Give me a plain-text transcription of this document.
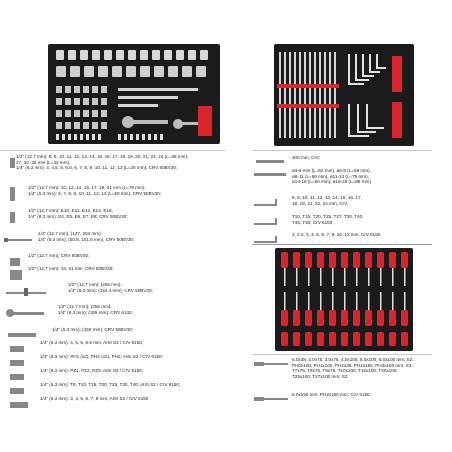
1/2" (12.7 mm): 8, 9, 10, 11, 12, 13, 14, 15, 16, 17, 18, 19, 20, 21, 22, 24 (L=38 mm);
27, 30, 32 mm (L=42 mm),
1/4" (6.3 mm): 4, 4.5, 5, 5.5, 6, 7, 8, 9, 10, 11, 12, 13 (L=25 mm); CRV 50BV30;
1/2" (12.7 mm): 10, 13, 14, 15, 17, 19, 21 mm (L=76 mm),
1/4" (6.3 mm): 6, 7, 8, 9, 10, 11, 12, 13 (L=50 mm); CRV 50BV30;
1/2" (12.7 mm): E10, E11, E12, E14, E16,
1/4" (6.3 mm): E4, E5, E6, E7, E8; CRV 50BV30;
1/2" (12.7 mm); (127, 254 mm),
1/4" (6.3 mm); (50.8, 101.6 mm); CRV 50BV30;
1/2" (12.7 mm); CRV 50BV30;
1/2" (12.7 mm): 16, 21 mm; CRV 50BV30;
1/2" (12.7 mm); (255 mm),
1/4" (6.3 mm); (152.4 mm); CRV 50BV30;
1/2" (12.7 mm); (255 mm),
1/4" (6.3 mm); (155 mm); CRV 6140;
1/4" (6.3 mm); (150 mm); CRV 50BV30;
1/4" (6.3 mm): 4, 5, 5, 6.5 mm; AISI S2 / CrV 6150;
1/4" (6.3 mm): PH1 (x2), PH2 (x2), PH3; AISI S2 / CrV 6150;
1/4" (6.3 mm): PZ1, PZ2, PZ3; AISI S2 / CrV 6150;
1/4" (6.3 mm): T8, T10, T15, T20, T25, T30, T40; AISI S2 / CrV 6150;
1/4" (6.3 mm): 3, 4, 5, 6, 7, 8 mm; AISI S2 / CrV 6150
200 mm; CrV;
ø3-6 mm (L=52 mm), ø6-8 (L=58 mm),
ø8-11 (L=66 mm), ø11-14 (L=75 mm),
ø14-18 (L=80 mm), ø18-25 (L=88 mm)
8, 9, 10, 11, 12, 13, 14, 15, 16, 17,
18, 19, 21, 22, 24 mm; CrV;
T10, T15, T20, T25, T27, T30, T40,
T45, T50; CrV 6150;
2, 2.5, 3, 4, 5, 6, 7, 8, 10, 12 mm; CrV 6150
6.0x38, 2.0x75, 3.0x75, 4.0x100, 5.0x100, 6.0x100 mm; S2;
PH0x100, PH1x100, PH2x38, PH2x150, PH3x150 mm; S2;
T7x75, T8x75, T9x75, T10x100, T15x100, T20x100,
T25x100, T27x100 mm; S2;
6.0x150 mm; PH2x150 mm; CrV 6150
